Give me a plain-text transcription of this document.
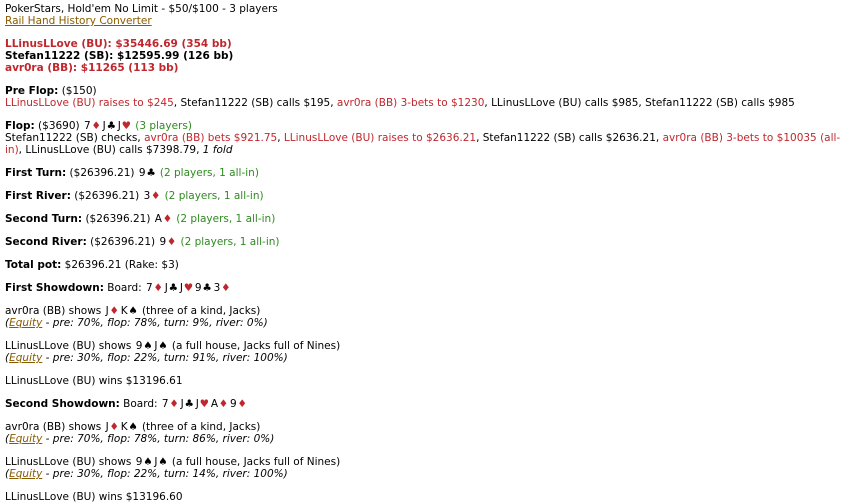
PokerStars, Hold'em No Limit - $50/$100 - 3 players
Rail Hand History Converter
LLinusLLove (BU): $35446.69 (354 bb)
Stefan11222 (SB): $12595.99 (126 bb)
avr0ra (BB): $11265 (113 bb)
Pre Flop: ($150)
LLinusLLove (BU) raises to $245, Stefan11222 (SB) calls $195, avr0ra (BB) 3-bets to $1230, LLinusLLove (BU) calls $985, Stefan11222 (SB) calls $985
Flop: ($3690) 7♦ J♣ J♥ (3 players)
Stefan11222 (SB) checks, avr0ra (BB) bets $921.75, LLinusLLove (BU) raises to $2636.21, Stefan11222 (SB) calls $2636.21, avr0ra (BB) 3-bets to $10035 (all-in), LLinusLLove (BU) calls $7398.79, 1 fold
First Turn: ($26396.21) 9♣ (2 players, 1 all-in)
First River: ($26396.21) 3♦ (2 players, 1 all-in)
Second Turn: ($26396.21) A♦ (2 players, 1 all-in)
Second River: ($26396.21) 9♦ (2 players, 1 all-in)
Total pot: $26396.21 (Rake: $3)
First Showdown: Board: 7♦ J♣ J♥ 9♣ 3♦
avr0ra (BB) shows J♦ K♠ (three of a kind, Jacks)
(Equity - pre: 70%, flop: 78%, turn: 9%, river: 0%)
LLinusLLove (BU) shows 9♠ J♠ (a full house, Jacks full of Nines)
(Equity - pre: 30%, flop: 22%, turn: 91%, river: 100%)
LLinusLLove (BU) wins $13196.61
Second Showdown: Board: 7♦ J♣ J♥ A♦ 9♦
avr0ra (BB) shows J♦ K♠ (three of a kind, Jacks)
(Equity - pre: 70%, flop: 78%, turn: 86%, river: 0%)
LLinusLLove (BU) shows 9♠ J♠ (a full house, Jacks full of Nines)
(Equity - pre: 30%, flop: 22%, turn: 14%, river: 100%)
LLinusLLove (BU) wins $13196.60
